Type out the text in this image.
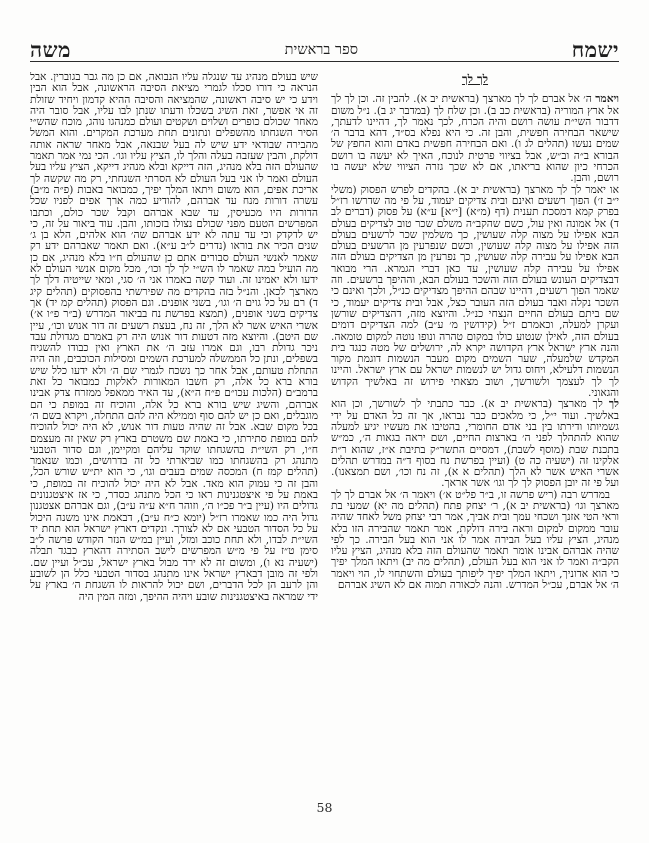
ישמח
ספר בראשית
משה
לך לך

ויאמר ה׳ אל אברם לך לך מארצך (בראשית יב א). להבין זה. וכן לך לך אל ארץ המוריה (בראשית כב ב). וכן שלח לך (במדבר יג ב). נ״ל משום דדבור השי״ת עושה רושם והיה הכרח, לכך נאמר לך, דהיינו לדעתך, שישאר הבחירה חפשית, והבן זה. כי היא נפלא בס״ד, דהא בדבר ה׳ שמים נעשו (תהלים לג ו). ואם הבחירה חפשית באדם והוא החפץ של הבורא ב״ה וב״ש, אבל בציווי פרטית לנוכח, האיך לא יעשה בו רושם הכרחי כיון שהוא בריאתו, אם לא שכך גזרה הציווי שלא יעשה בו רושם, והבן.

או יאמר לך לך מארצך (בראשית יב א). בהקדים לפרש הפסוק (משלי י״ב ז׳) הפוך רשעים ואינם ובית צדיקים יעמוד, על פי מה שדרשו רז״ל בפרק קמא דמסכת תענית (דף (מ״א) [י״א] ע״א) על פסוק (דברים לב ד) אל אמונה ואין עול, כשם שהקב״ה משלם שכר טוב לצדיקים בעולם הבא אפילו על מצוה קלה שעושין, כך משלמין שכר לרשעים בעולם הזה אפילו על מצוה קלה שעושין, וכשם שנפרעין מן הרשעים בעולם הבא אפילו על עבירה קלה שעושין, כך נפרעין מן הצדיקים בעולם הזה אפילו על עבירה קלה שעושין, עד כאן דברי הגמרא. הרי מבואר דבצדיקים העונש בעולם הזה והשכר בעולם הבא, וההיפך ברשעים. וזה שאמר הפוך רשעים, דהיינו שבהם ההיפך מצדיקים כנ״ל, ולכך ואינם כי השכר נקלה ואבד בעולם הזה העובר כצל, אבל ובית צדיקים יעמוד, כי שם ביתם בעולם החיים הנצחי כנ״ל. והיוצא מזה, דהצדיקים שורשן ועקרן למעלה, וכאמרם ז״ל (קידושין מ׳ ע״ב) למה הצדיקים דומים בעולם הזה, לאילן שנטוע כולו במקום טהרה ונופו נוטה למקום טומאה. והנה ארץ ישראל ארץ הקדושה יקרא לה, ירושלים של מטה כנגד בית המקדש שלמעלה, שער השמים מקום מעבר הנשמות דוגמת מקור הנשמות דלעילא, ויחוס גדול יש לנשמות ישראל עם ארץ ישראל. והיינו לך לך לעצמך ולשורשך, ושוב מצאתי פירוש זה באלשיך הקדוש והגאוני.

לך לך מארצך (בראשית יב א). כבר כתבתי לך לשורשך, וכן הוא באלשיך. ועוד י״ל, כי מלאכים כבר נבראו, אך זה כל האדם על ידי גשמיותו ודירתו בין בני אדם החומרי, בהטיבו את מעשיו יגיע למעלה שהוא להתהלך לפני ה׳ בארצות החיים, ושם יראה בגאות ה׳, כמ״ש בתכנת שבת (מוסף לשבת), דמסיים התשר״ק בתיבת א״ז, שהוא ר״ת אלקינו זה (ישעיה כה ט) (ועיין בפרשת נח בסוף ד״ה במדרש תהלים אשרי האיש אשר לא הלך (תהלים א א), זה נח וכו׳, ושם תמצאנו). ועל פי זה יובן הפסוק לך לך וגו׳ אשר אראך.

במדרש רבה (ריש פרשה זו, ב״ר פל״ט א׳) ויאמר ה׳ אל אברם לך לך מארצך וגו׳ (בראשית יב א), ר׳ יצחק פתח (תהלים מה יא) שמעי בת וראי הטי אזנך ושכחי עמך ובית אביך, אמר רבי יצחק משל לאחד שהיה עובר ממקום למקום וראה בירה דולקת, אמר תאמר שהבירה הזו בלא מנהיג, הציץ עליו בעל הבירה אמר לו אני הוא בעל הבירה. כך לפי שהיה אברהם אבינו אומר תאמר שהעולם הזה בלא מנהיג, הציץ עליו הקב״ה ואמר לו אני הוא בעל העולם, (תהלים מה יב) ויתאו המלך יפיך כי הוא אדוניך, ויתאו המלך יפיך ליפותך בעולם והשתחוי לו, הוי ויאמר ה׳ אל אברם, עכ״ל המדרש. והנה לכאורה תמוה אם לא השיג אברהם

שיש בעולם מנהיג עד שנגלה עליו הנבואה, אם כן מה גבר בגוברין. אבל הנראה כי דורו סכלו לגמרי מציאת הסיבה הראשונה, אבל הוא הבין וידע כי יש סיבה ראשונה, שהמציאה והסיבה ההיא קדמון ויחיד שזולת זה אי אפשר, זאת השיג בשכלו ודעתו שנתן לבו עליו, אבל סובר היה מאחר שכולם כופרים ושלוים ושקטים ועולם כמנהגו נוהג, מוכח שהש״י הסיר השגחתו מהשפלים ונתונים תחת מערכת המקרים. והוא המשל מהבירה שבודאי ידע שיש לה בעל שבנאה, אבל מאחר שראה אותה דולקת, והבין שעזבה בעלה והלך לו, הציץ עליו וגו׳. הכי נמי אמר תאמר שהעולם הזה בלא מנהיג, הזה דייקא ובלא מנהיג דייקא, הציץ עליו בעל העולם ואמר לו אני בעל העולם לא הסרתי השגחתי, רק מה שקשה לך אריכת אפים, הוא משום ויתאו המלך יפיך, כמבואר באבות (פ״ה מ״ב) עשרה דורות מנח עד אברהם, להודיע כמה ארך אפים לפניו שכל הדורות היו מכעיסין, עד שבא אברהם וקבל שכר כולם, וכתבו המפרשים הטעם מפני שכולם נצולו בזכותו, והבן. עוד ביאור על זה, כי יש לדקדק וכי עד עתה לא ידע אברהם שה׳ הוא אלהים, הלא בן ג׳ שנים הכיר את בוראו (נדרים ל״ב ע״א). ואם תאמר שאברהם ידע רק שאמר לאנשי העולם סבורים אתם כן שהעולם ח״ו בלא מנהיג, אם כן מה הועיל במה שאמר לו הש״י לך לך וכו׳, מכל מקום אנשי העולם לא ידעו ולא יאמינו זה. ועוד קשה באמרו אני ה׳ סגי, ומאי שייטיה דלך לך מארצך לכאן. והנ״ל בזה בהקדים מה שפירשתי בהפסוקים (תהלים קיג ד) רם על כל גוים ה׳ וגו׳, בשני אופנים. וגם הפסוק (תהלים קמ יד) אך צדיקים בשני אופנים, (תמצא בפרשת נח בביאור המדרש (ב״ר פ״ו א׳) אשרי האיש אשר לא הלך, זה נח, בעצת רשעים זה דור אנוש וכו׳, עיין שם היטב). והיוצא מזה דטעות דור אנוש היה רק באמרם מגדולת עבד ניכר גדולת רבו, וגם אמרו עזב ה׳ את הארץ ואין כבודו להשגיח בשפלים, ונתן כל הממשלה למערכת השמים ומסילות הכוכבים, וזה היה התחלת טעותם, אבל אחר כך נשכח לגמרי שם ה׳ ולא ידעו כלל שיש בורא ברא כל אלה, רק חשבו המאורות לאלקות כמבואר כל זאת ברמב״ם (הלכות עכו״ם פ״ח ה״א), עד האיר ממאפל ממזרח צדק אבינו אברהם, והשיג שיש בורא ברא כל אלה, והוכיח זה במופת כי הם מוגבלים, ואם כן יש להם סוף וממילא היה להם התחלה, ויקרא בשם ה׳ בכל מקום שבא. אבל זה שהיה טעות דור אנוש, לא היה יכול להוכיח להם במופת סתירתו, כי באמת שם משטרם בארץ רק שאין זה מעצמם ח״ו, רק השי״ת בהשגחתו שוקד עליהם ומקיימן, וגם סדור הטבעי מתנהג רק בהשגחתו כמו שביארתי כל זה בדרושים, וכמו שנאמר (תהלים קמז ח) המכסה שמים בעבים וגו׳, כי הוא ית״ש שורש הכל, והבן זה כי עמוק הוא מאד. אבל לא היה יכול להוכיח זה במופת, כי באמת על פי איצטגנינות ראו כי הכל מתנהג כסדר, כי אז איצטגנונים גדולים היו (עיין ב״ר פכ״ו ה׳, וזוהר ח״א ע״ה ע״ב), וגם אברהם אצטגנון גדול היה כמו שאמרו רז״ל (יומא כ״ח ע״ב), דבאמת אינו משנה היכול על כל הסדור הטבעי אם לא לצורך. ונקדים דארץ ישראל הוא תחת יד השי״ת לבדו, ולא תחת כוכב ומזל, ועיין במ״ש הנזר הקודש פרשה ל״ב סימן ט״ז על פי מ״ש המפרשים לישב הסתירה דהארץ כבגד תבלה (ישעיה נא ו), ומשום זה לא ירד מבול בארץ ישראל, עכ״ל ועיין שם. ולפי זה מובן דבארץ ישראל אינו מתנהג בסדור הטבעי כלל הן לשובע והן לרעב הן לכל הדברים, ושם יכול להראות לו השגחת ה׳ בארץ על ידי שמראה באיצטגנינות שובע ויהיה ההיפך, ומזה המין היה

58
